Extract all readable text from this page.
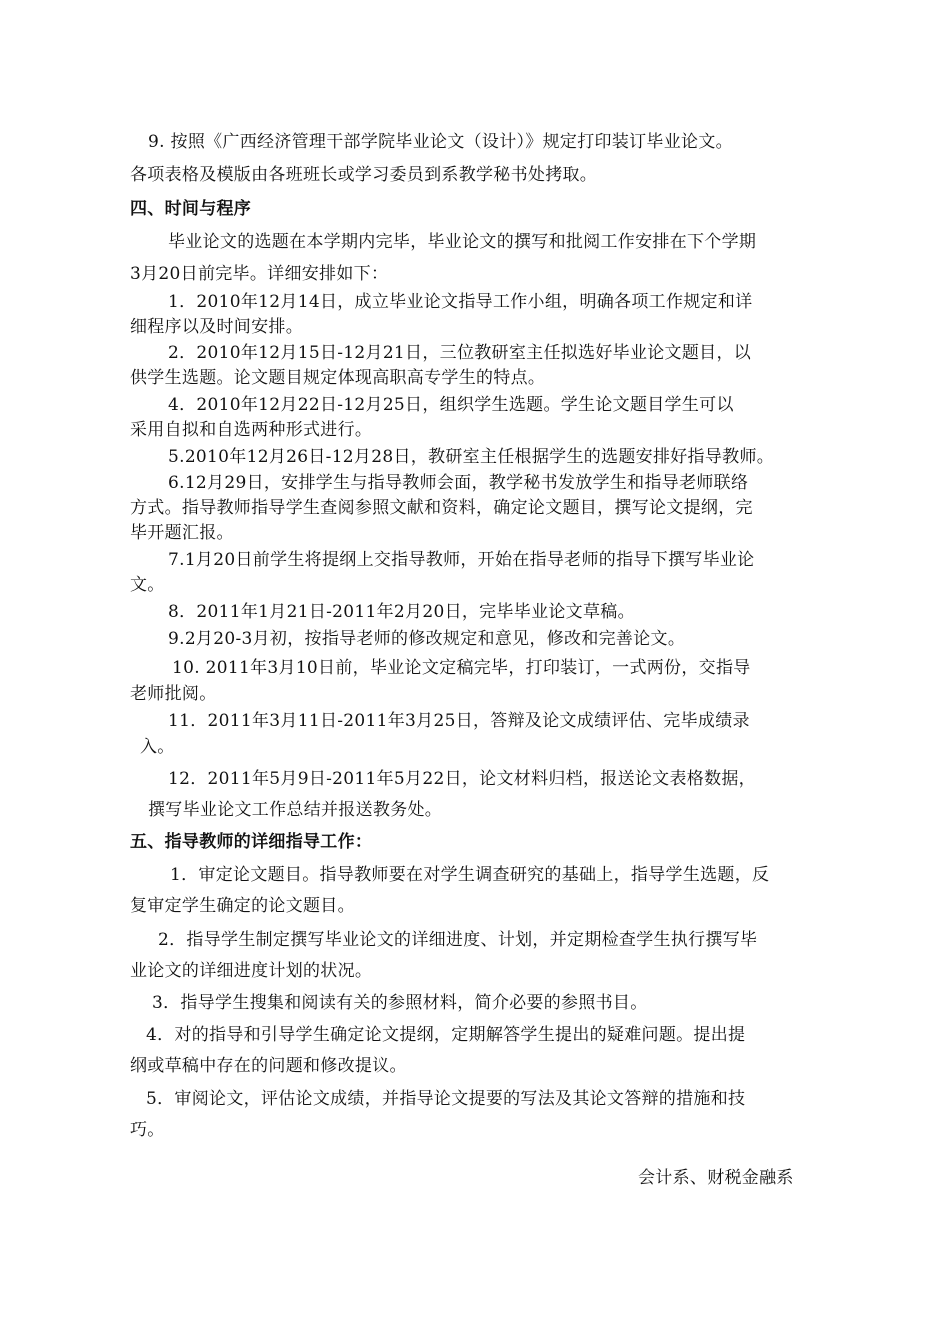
9. 按照《广西经济管理干部学院毕业论文（设计）》规定打印装订毕业论文。
各项表格及模版由各班班长或学习委员到系教学秘书处拷取。
四、时间与程序
毕业论文的选题在本学期内完毕，毕业论文的撰写和批阅工作安排在下个学期
3月20日前完毕。详细安排如下：
1．2010年12月14日，成立毕业论文指导工作小组，明确各项工作规定和详
细程序以及时间安排。
2．2010年12月15日-12月21日，三位教研室主任拟选好毕业论文题目，以
供学生选题。论文题目规定体现高职高专学生的特点。
4．2010年12月22日-12月25日，组织学生选题。学生论文题目学生可以
采用自拟和自选两种形式进行。
5.2010年12月26日-12月28日，教研室主任根据学生的选题安排好指导教师。
6.12月29日，安排学生与指导教师会面，教学秘书发放学生和指导老师联络
方式。指导教师指导学生查阅参照文献和资料，确定论文题目，撰写论文提纲，完
毕开题汇报。
7.1月20日前学生将提纲上交指导教师，开始在指导老师的指导下撰写毕业论
文。
8．2011年1月21日-2011年2月20日，完毕毕业论文草稿。
9.2月20-3月初，按指导老师的修改规定和意见，修改和完善论文。
10. 2011年3月10日前，毕业论文定稿完毕，打印装订，一式两份，交指导
老师批阅。
11．2011年3月11日-2011年3月25日，答辩及论文成绩评估、完毕成绩录
入。
12．2011年5月9日-2011年5月22日，论文材料归档，报送论文表格数据，
撰写毕业论文工作总结并报送教务处。
五、指导教师的详细指导工作：
1．审定论文题目。指导教师要在对学生调查研究的基础上，指导学生选题，反
复审定学生确定的论文题目。
2．指导学生制定撰写毕业论文的详细进度、计划，并定期检查学生执行撰写毕
业论文的详细进度计划的状况。
3．指导学生搜集和阅读有关的参照材料，简介必要的参照书目。
4．对的指导和引导学生确定论文提纲，定期解答学生提出的疑难问题。提出提
纲或草稿中存在的问题和修改提议。
5．审阅论文，评估论文成绩，并指导论文提要的写法及其论文答辩的措施和技
巧。
会计系、财税金融系
